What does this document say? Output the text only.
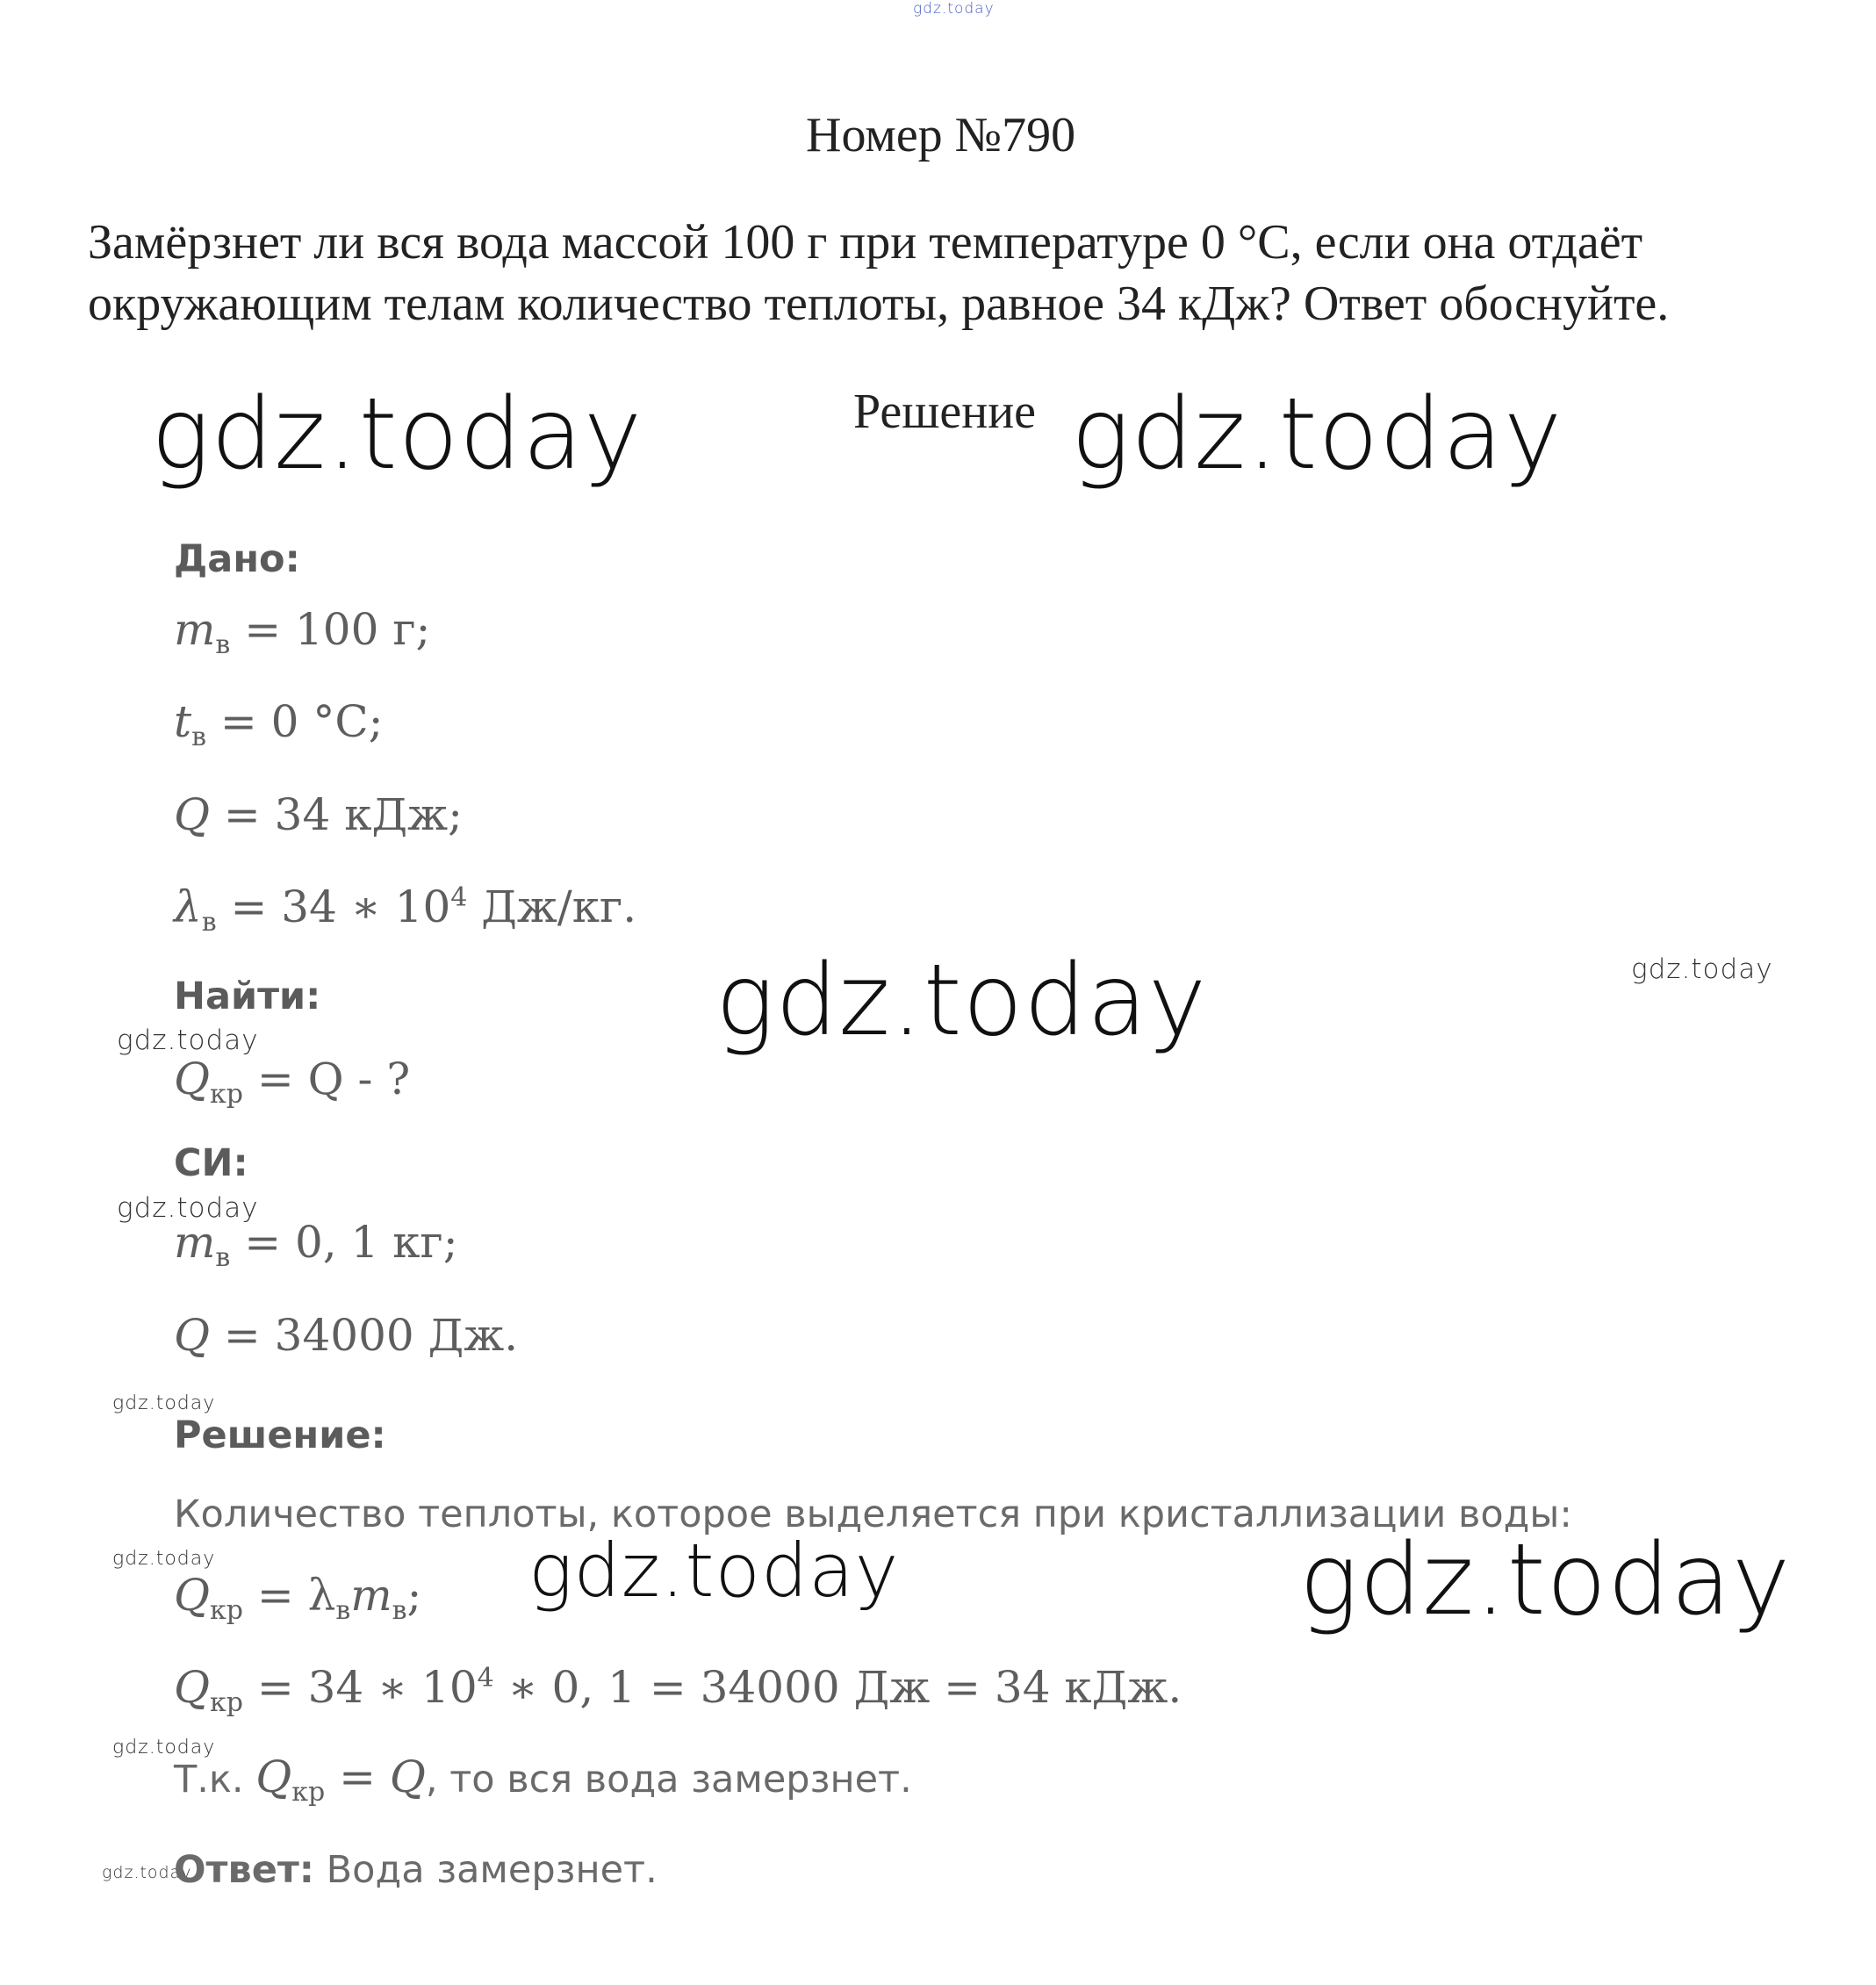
gdz.today
Номер №790
Замёрзнет ли вся вода массой 100 г при температуре 0 °C, если она отдаёт
окружающим телам количество теплоты, равное 34 кДж? Ответ обоснуйте.
Решение
gdz.today	gdz.today
gdz.today
gdz.today
gdz.today
gdz.today
gdz.today
gdz.today
gdz.today
gdz.today
gdz.today
gdz.today
Дано:
$m_в = 100$ г;
$t_в = 0$ °C;
Q = 34 кДж;
$\lambda_в = 34$ ∗ $10^4$ Дж/кг.
Найти:
$Q_{кр} = Q$ - ?
СИ:
$m_в = 0$, 1 кг;
Q = 34000 Дж.
Решение:
Количество теплоты, которое выделяется при кристаллизации воды:
$Q_{кр} = \lambda_вm_в$;
$Q_{кр} = 34$ ∗ $10^4$ ∗ 0, 1 = 34000 Дж = 34 кДж.
Т.к. $Q_{кр} = Q$, то вся вода замерзнет.
Ответ: Вода замерзнет.
